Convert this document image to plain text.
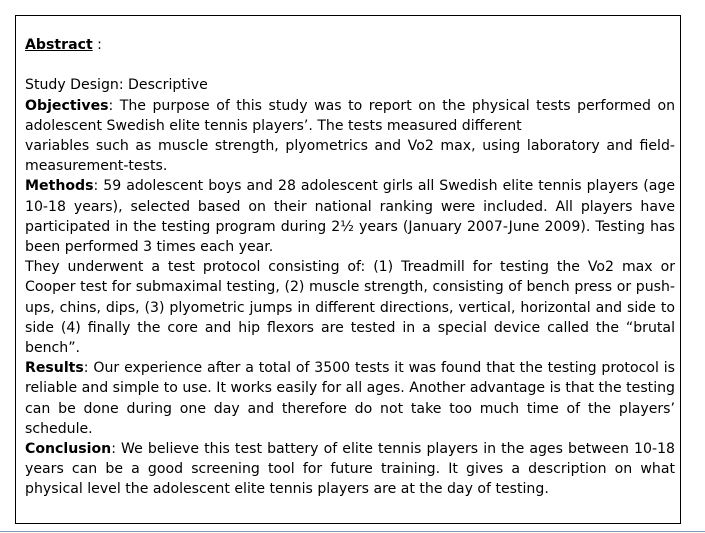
Abstract :

Study Design: Descriptive

Objectives: The purpose of this study was to report on the physical tests performed on adolescent Swedish elite tennis players’. The tests measured different

variables such as muscle strength, plyometrics and Vo2 max, using laboratory and field-measurement-tests.

Methods: 59 adolescent boys and 28 adolescent girls all Swedish elite tennis players (age 10-18 years), selected based on their national ranking were included. All players have participated in the testing program during 2½ years (January 2007-June 2009). Testing has been performed 3 times each year.

They underwent a test protocol consisting of: (1) Treadmill for testing the Vo2 max or Cooper test for submaximal testing, (2) muscle strength, consisting of bench press or push-ups, chins, dips, (3) plyometric jumps in different directions, vertical, horizontal and side to side (4) finally the core and hip flexors are tested in a special device called the “brutal bench”.

Results: Our experience after a total of 3500 tests it was found that the testing protocol is reliable and simple to use. It works easily for all ages. Another advantage is that the testing can be done during one day and therefore do not take too much time of the players’ schedule.

Conclusion: We believe this test battery of elite tennis players in the ages between 10-18 years can be a good screening tool for future training. It gives a description on what physical level the adolescent elite tennis players are at the day of testing.
